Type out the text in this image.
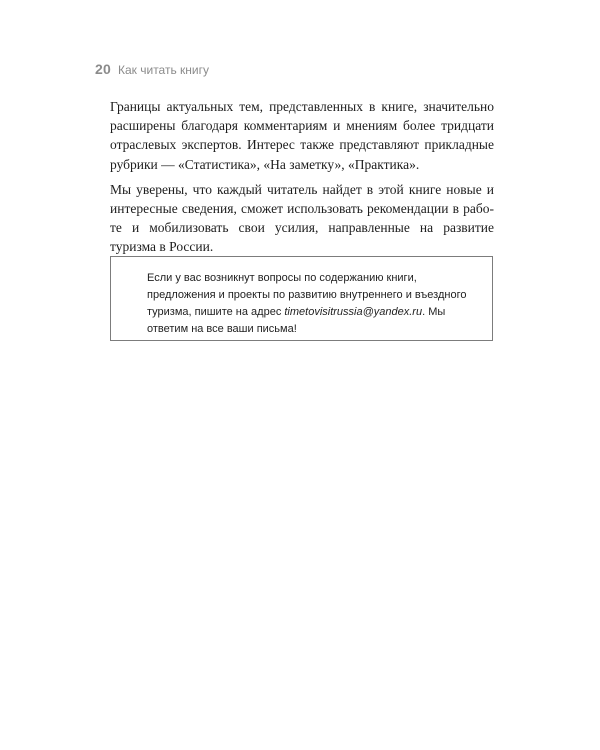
20 Как читать книгу

Границы актуальных тем, представленных в книге, значительно расширены благодаря комментариям и мнениям более тридцати отраслевых экспертов. Интерес также представляют прикладные рубрики — «Статистика», «На заметку», «Практика».

Мы уверены, что каждый читатель найдет в этой книге новые и интересные сведения, сможет использовать рекомендации в работе и мобилизовать свои усилия, направленные на развитие туризма в России.

Если у вас возникнут вопросы по содержанию книги, предложения и проекты по развитию внутреннего и въездного туризма, пишите на адрес timetovisitrussia@yandex.ru. Мы ответим на все ваши письма!
